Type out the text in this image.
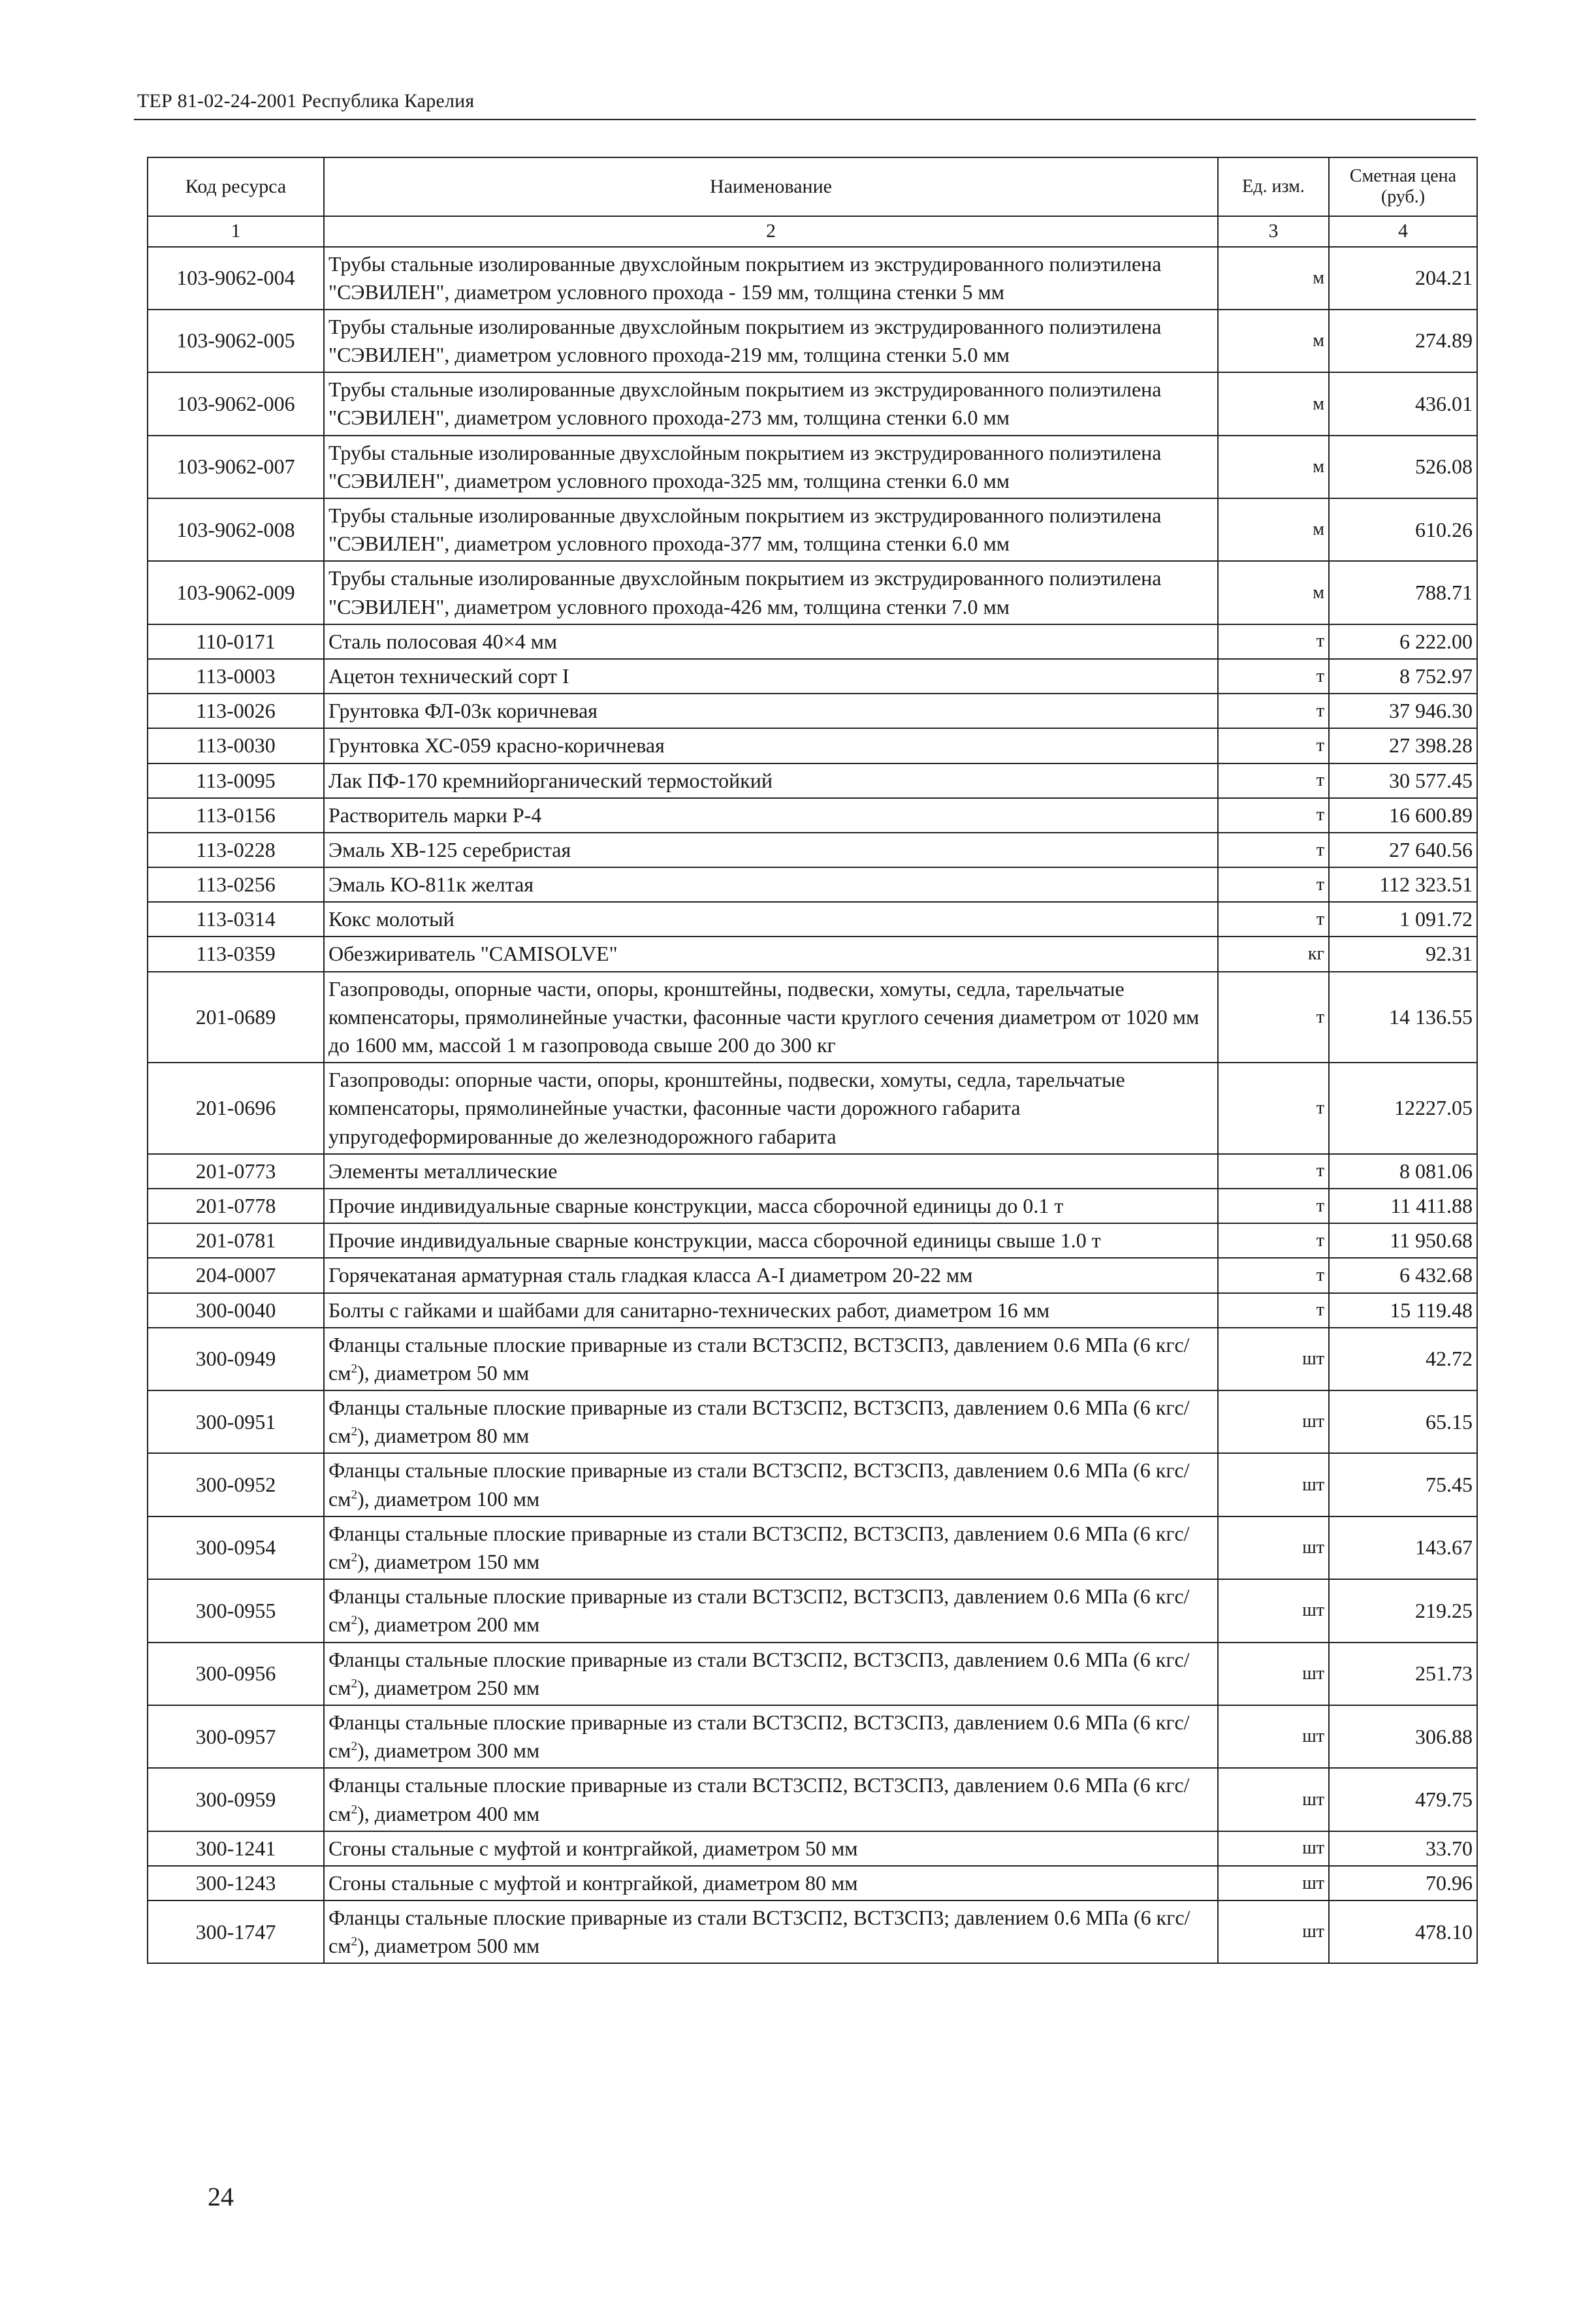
ТЕР 81-02-24-2001 Республика Карелия
Код ресурса	Наименование	Ед. изм.	Сметная цена (руб.)
1	2	3	4
103-9062-004	Трубы стальные изолированные двухслойным покрытием из экструдированного полиэтилена "СЭВИЛЕН", диаметром условного прохода - 159 мм, толщина стенки 5 мм	м	204.21
103-9062-005	Трубы стальные изолированные двухслойным покрытием из экструдированного полиэтилена "СЭВИЛЕН", диаметром условного прохода-219 мм, толщина стенки 5.0 мм	м	274.89
103-9062-006	Трубы стальные изолированные двухслойным покрытием из экструдированного полиэтилена "СЭВИЛЕН", диаметром условного прохода-273 мм, толщина стенки 6.0 мм	м	436.01
103-9062-007	Трубы стальные изолированные двухслойным покрытием из экструдированного полиэтилена "СЭВИЛЕН", диаметром условного прохода-325 мм, толщина стенки 6.0 мм	м	526.08
103-9062-008	Трубы стальные изолированные двухслойным покрытием из экструдированного полиэтилена "СЭВИЛЕН", диаметром условного прохода-377 мм, толщина стенки 6.0 мм	м	610.26
103-9062-009	Трубы стальные изолированные двухслойным покрытием из экструдированного полиэтилена "СЭВИЛЕН", диаметром условного прохода-426 мм, толщина стенки 7.0 мм	м	788.71
110-0171	Сталь полосовая 40×4 мм	т	6 222.00
113-0003	Ацетон технический сорт I	т	8 752.97
113-0026	Грунтовка ФЛ-03к коричневая	т	37 946.30
113-0030	Грунтовка ХС-059 красно-коричневая	т	27 398.28
113-0095	Лак ПФ-170 кремнийорганический термостойкий	т	30 577.45
113-0156	Растворитель марки Р-4	т	16 600.89
113-0228	Эмаль ХВ-125 серебристая	т	27 640.56
113-0256	Эмаль КО-811к желтая	т	112 323.51
113-0314	Кокс молотый	т	1 091.72
113-0359	Обезжириватель "CAMISOLVE"	кг	92.31
201-0689	Газопроводы, опорные части, опоры, кронштейны, подвески, хомуты, седла, тарельчатые компенсаторы, прямолинейные участки, фасонные части круглого сечения диаметром от 1020 мм до 1600 мм, массой 1 м газопровода свыше 200 до 300 кг	т	14 136.55
201-0696	Газопроводы: опорные части, опоры, кронштейны, подвески, хомуты, седла, тарельчатые компенсаторы, прямолинейные участки, фасонные части дорожного габарита упругодеформированные до железнодорожного габарита	т	12227.05
201-0773	Элементы металлические	т	8 081.06
201-0778	Прочие индивидуальные сварные конструкции, масса сборочной единицы до 0.1 т	т	11 411.88
201-0781	Прочие индивидуальные сварные конструкции, масса сборочной единицы свыше 1.0 т	т	11 950.68
204-0007	Горячекатаная арматурная сталь гладкая класса А-I диаметром 20-22 мм	т	6 432.68
300-0040	Болты с гайками и шайбами для санитарно-технических работ, диаметром 16 мм	т	15 119.48
300-0949	Фланцы стальные плоские приварные из стали ВСТ3СП2, ВСТ3СП3, давлением 0.6 МПа (6 кгс/$см^2$), диаметром 50 мм	шт	42.72
300-0951	Фланцы стальные плоские приварные из стали ВСТ3СП2, ВСТ3СП3, давлением 0.6 МПа (6 кгс/$см^2$), диаметром 80 мм	шт	65.15
300-0952	Фланцы стальные плоские приварные из стали ВСТ3СП2, ВСТ3СП3, давлением 0.6 МПа (6 кгс/$см^2$), диаметром 100 мм	шт	75.45
300-0954	Фланцы стальные плоские приварные из стали ВСТ3СП2, ВСТ3СП3, давлением 0.6 МПа (6 кгс/$см^2$), диаметром 150 мм	шт	143.67
300-0955	Фланцы стальные плоские приварные из стали ВСТ3СП2, ВСТ3СП3, давлением 0.6 МПа (6 кгс/$см^2$), диаметром 200 мм	шт	219.25
300-0956	Фланцы стальные плоские приварные из стали ВСТ3СП2, ВСТ3СП3, давлением 0.6 МПа (6 кгс/$см^2$), диаметром 250 мм	шт	251.73
300-0957	Фланцы стальные плоские приварные из стали ВСТ3СП2, ВСТ3СП3, давлением 0.6 МПа (6 кгс/$см^2$), диаметром 300 мм	шт	306.88
300-0959	Фланцы стальные плоские приварные из стали ВСТ3СП2, ВСТ3СП3, давлением 0.6 МПа (6 кгс/$см^2$), диаметром 400 мм	шт	479.75
300-1241	Сгоны стальные с муфтой и контргайкой, диаметром 50 мм	шт	33.70
300-1243	Сгоны стальные с муфтой и контргайкой, диаметром 80 мм	шт	70.96
300-1747	Фланцы стальные плоские приварные из стали ВСТ3СП2, ВСТ3СП3; давлением 0.6 МПа (6 кгс/$см^2$), диаметром 500 мм	шт	478.10
24
